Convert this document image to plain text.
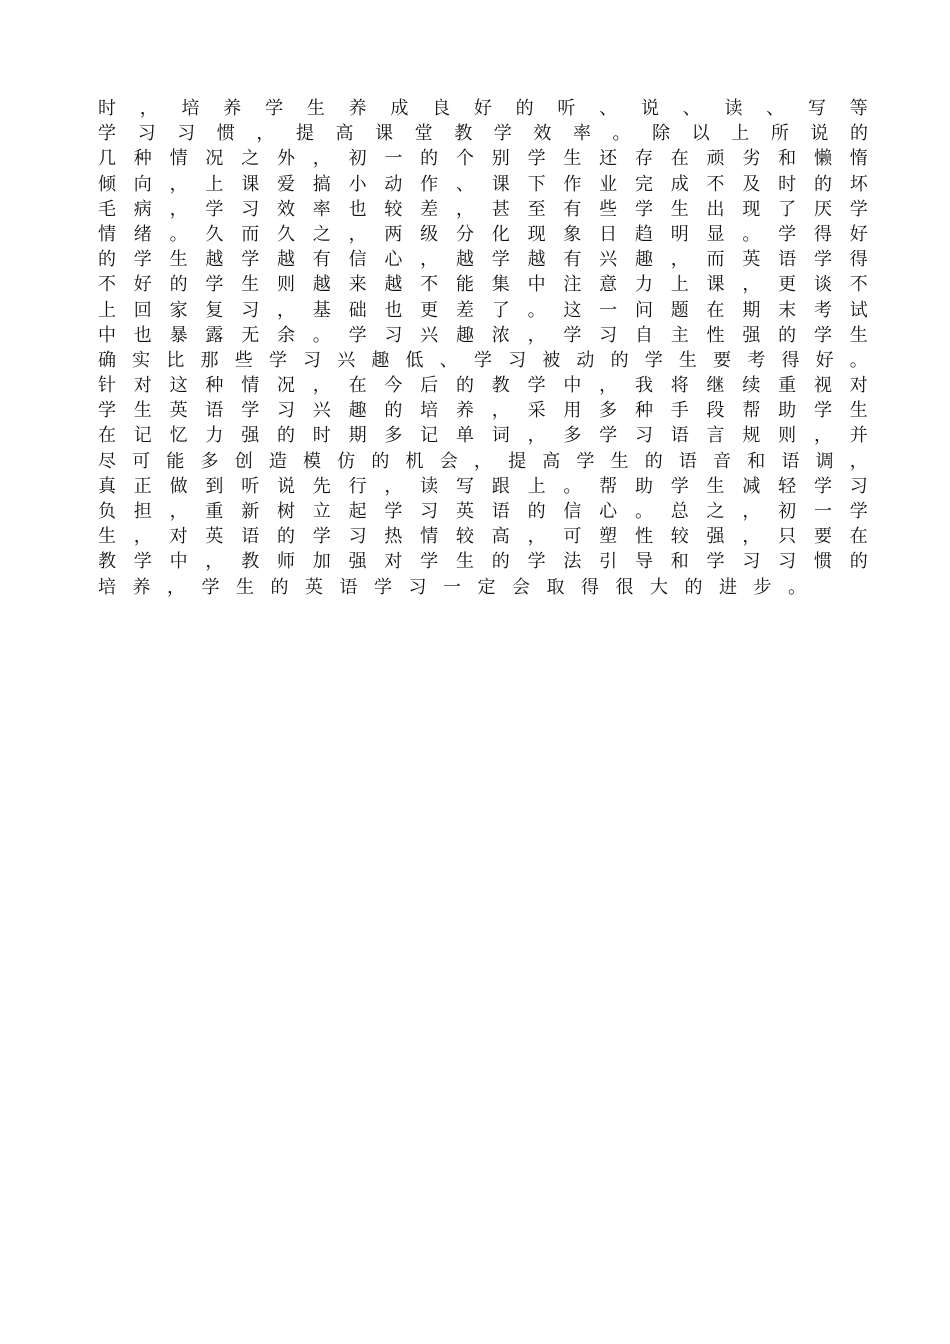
时 ， 培 养 学 生 养 成 良 好 的 听 、 说 、 读 、 写 等
学 习 习 惯 ， 提 高 课 堂 教 学 效 率 。 除 以 上 所 说 的
几 种 情 况 之 外 ， 初 一 的 个 别 学 生 还 存 在 顽 劣 和 懒 惰
倾 向 ， 上 课 爱 搞 小 动 作 、 课 下 作 业 完 成 不 及 时 的 坏
毛 病 ， 学 习 效 率 也 较 差 ， 甚 至 有 些 学 生 出 现 了 厌 学
情 绪 。 久 而 久 之 ， 两 级 分 化 现 象 日 趋 明 显 。 学 得 好
的 学 生 越 学 越 有 信 心 ， 越 学 越 有 兴 趣 ， 而 英 语 学 得
不 好 的 学 生 则 越 来 越 不 能 集 中 注 意 力 上 课 ， 更 谈 不
上 回 家 复 习 ， 基 础 也 更 差 了 。 这 一 问 题 在 期 末 考 试
中 也 暴 露 无 余 。 学 习 兴 趣 浓 ， 学 习 自 主 性 强 的 学 生
确 实 比 那 些 学 习 兴 趣 低 、 学 习 被 动 的 学 生 要 考 得 好 。
针 对 这 种 情 况 ， 在 今 后 的 教 学 中 ， 我 将 继 续 重 视 对
学 生 英 语 学 习 兴 趣 的 培 养 ， 采 用 多 种 手 段 帮 助 学 生
在 记 忆 力 强 的 时 期 多 记 单 词 ， 多 学 习 语 言 规 则 ， 并
尽 可 能 多 创 造 模 仿 的 机 会 ， 提 高 学 生 的 语 音 和 语 调 ，
真 正 做 到 听 说 先 行 ， 读 写 跟 上 。 帮 助 学 生 减 轻 学 习
负 担 ， 重 新 树 立 起 学 习 英 语 的 信 心 。 总 之 ， 初 一 学
生 ， 对 英 语 的 学 习 热 情 较 高 ， 可 塑 性 较 强 ， 只 要 在
教 学 中 ， 教 师 加 强 对 学 生 的 学 法 引 导 和 学 习 习 惯 的
培 养 ， 学 生 的 英 语 学 习 一 定 会 取 得 很 大 的 进 步 。
